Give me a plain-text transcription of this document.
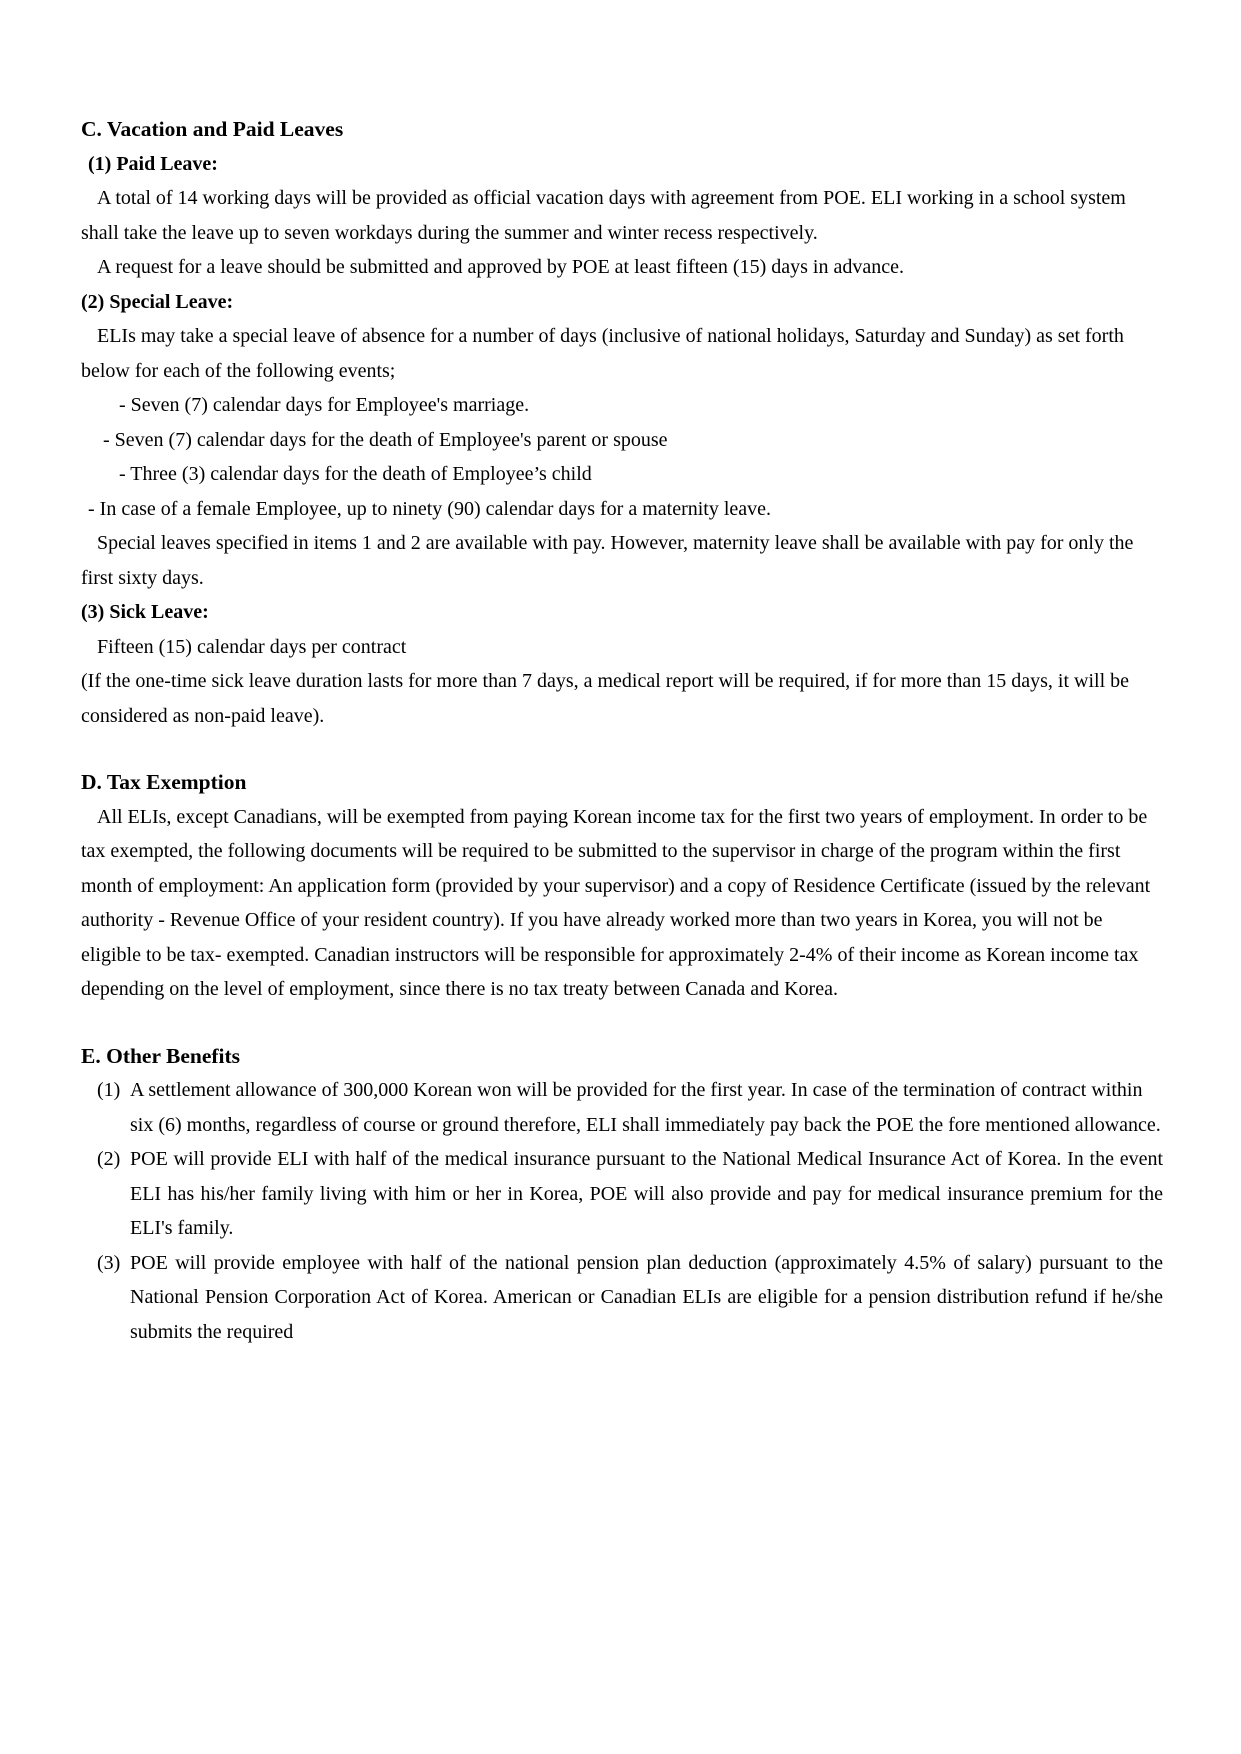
C. Vacation and Paid Leaves
(1) Paid Leave:

A total of 14 working days will be provided as official vacation days with agreement from POE. ELI working in a school system shall take the leave up to seven workdays during the summer and winter recess respectively.

A request for a leave should be submitted and approved by POE at least fifteen (15) days in advance.

(2) Special Leave:

ELIs may take a special leave of absence for a number of days (inclusive of national holidays, Saturday and Sunday) as set forth below for each of the following events;

- Seven (7) calendar days for Employee's marriage.

- Seven (7) calendar days for the death of Employee's parent or spouse

- Three (3) calendar days for the death of Employee’s child

- In case of a female Employee, up to ninety (90) calendar days for a maternity leave.

Special leaves specified in items 1 and 2 are available with pay. However, maternity leave shall be available with pay for only the first sixty days.

(3) Sick Leave:

Fifteen (15) calendar days per contract

(If the one-time sick leave duration lasts for more than 7 days, a medical report will be required, if for more than 15 days, it will be considered as non-paid leave).

D. Tax Exemption

All ELIs, except Canadians, will be exempted from paying Korean income tax for the first two years of employment. In order to be tax exempted, the following documents will be required to be submitted to the supervisor in charge of the program within the first month of employment: An application form (provided by your supervisor) and a copy of Residence Certificate (issued by the relevant authority - Revenue Office of your resident country). If you have already worked more than two years in Korea, you will not be eligible to be tax- exempted. Canadian instructors will be responsible for approximately 2-4% of their income as Korean income tax depending on the level of employment, since there is no tax treaty between Canada and Korea.

E. Other Benefits
(1) A settlement allowance of 300,000 Korean won will be provided for the first year. In case of the termination of contract within six (6) months, regardless of course or ground therefore, ELI shall immediately pay back the POE the fore mentioned allowance.
(2) POE will provide ELI with half of the medical insurance pursuant to the National Medical Insurance Act of Korea. In the event ELI has his/her family living with him or her in Korea, POE will also provide and pay for medical insurance premium for the ELI's family.
(3) POE will provide employee with half of the national pension plan deduction (approximately 4.5% of salary) pursuant to the National Pension Corporation Act of Korea. American or Canadian ELIs are eligible for a pension distribution refund if he/she submits the required
